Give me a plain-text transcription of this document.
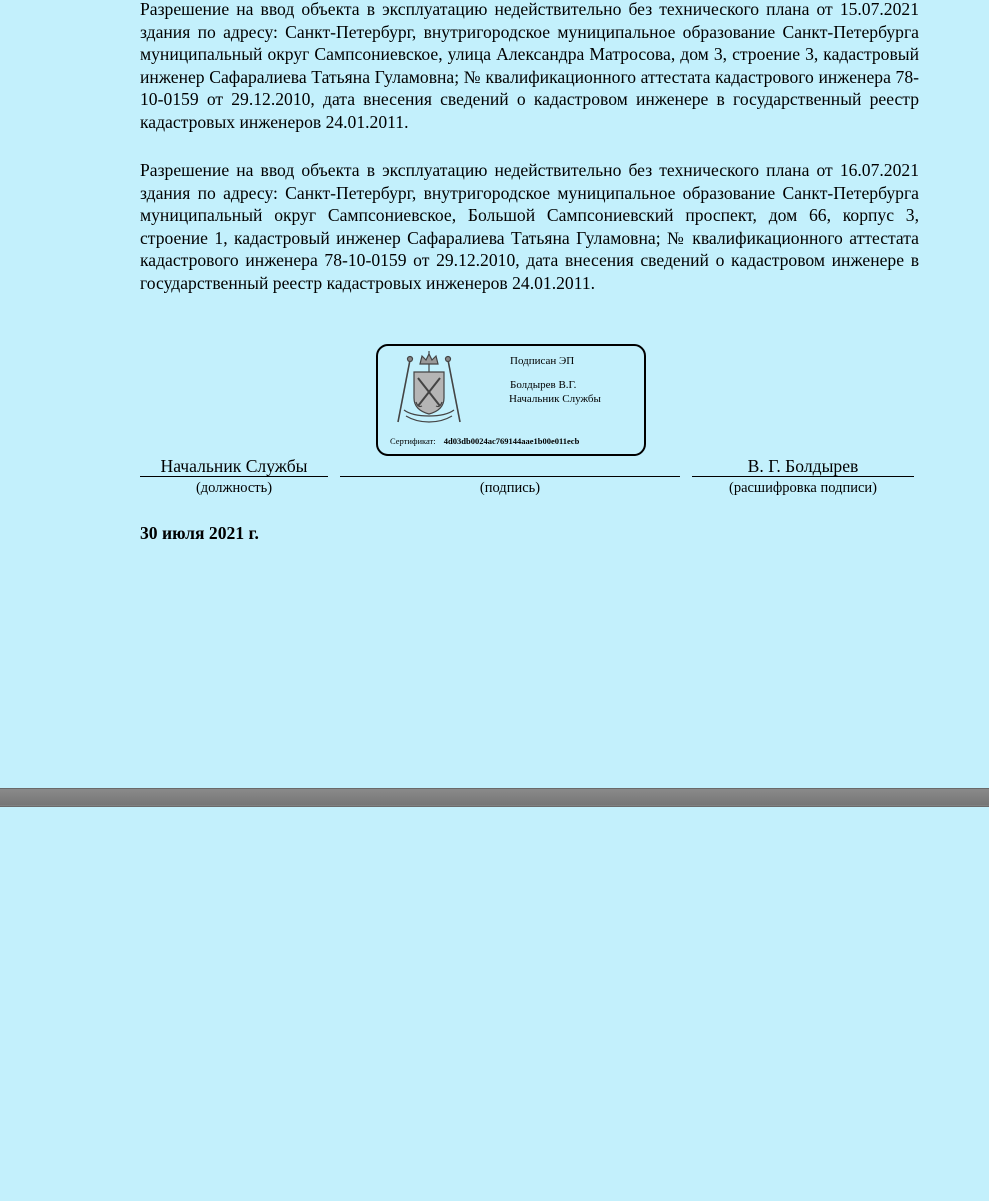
Разрешение на ввод объекта в эксплуатацию недействительно без технического плана от 15.07.2021 здания по адресу: Санкт-Петербург, внутригородское муниципальное образование Санкт-Петербурга муниципальный округ Сампсониевское, улица Александра Матросова, дом 3, строение 3, кадастровый инженер Сафаралиева Татьяна Гуламовна; № квалификационного аттестата кадастрового инженера 78-10-0159 от 29.12.2010, дата внесения сведений о кадастровом инженере в государственный реестр кадастровых инженеров 24.01.2011.

Разрешение на ввод объекта в эксплуатацию недействительно без технического плана от 16.07.2021 здания по адресу: Санкт-Петербург, внутригородское муниципальное образование Санкт-Петербурга муниципальный округ Сампсониевское, Большой Сампсониевский проспект, дом 66, корпус 3, строение 1, кадастровый инженер Сафаралиева Татьяна Гуламовна; № квалификационного аттестата кадастрового инженера 78-10-0159 от 29.12.2010, дата внесения сведений о кадастровом инженере в государственный реестр кадастровых инженеров 24.01.2011.

Подписан ЭП
Болдырев В.Г.
Начальник Службы
Сертификат: 4d03db0024ac769144aae1b00e011ecb
Начальник Службы
(должность)	(подпись)
В. Г. Болдырев
(расшифровка подписи)
30 июля 2021 г.
